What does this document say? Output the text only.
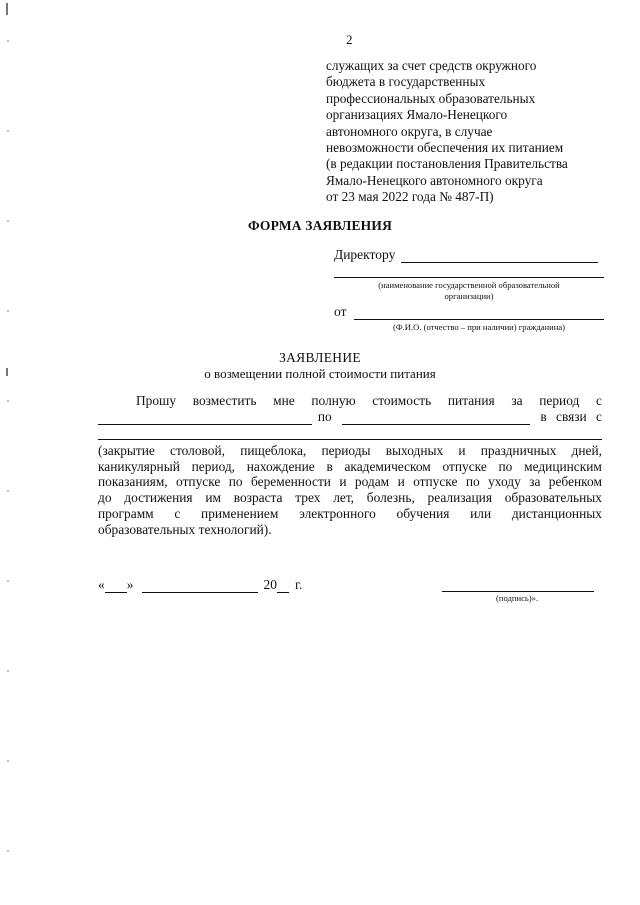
2
служащих за счет средств окружного
бюджета в государственных
профессиональных образовательных
организациях Ямало-Ненецкого
автономного округа, в случае
невозможности обеспечения их питанием
(в редакции постановления Правительства
Ямало-Ненецкого автономного округа
от 23 мая 2022 года № 487-П)
ФОРМА ЗАЯВЛЕНИЯ
Директору
(наименование государственной образовательной
организации)
от
(Ф.И.О. (отчество – при наличии) гражданина)
ЗАЯВЛЕНИЕ
о возмещении полной стоимости питания
Прошу возместить мне полную стоимость питания за период с
по	в связи с
(закрытие столовой, пищеблока, периоды выходных и праздничных дней,
каникулярный период, нахождение в академическом отпуске по медицинским
показаниям, отпуске по беременности и родам и отпуске по уходу за ребенком
до достижения им возраста трех лет, болезнь, реализация образовательных
программ с применением электронного обучения или дистанционных
образовательных технологий).
« »	20 г.
(подпись)».
